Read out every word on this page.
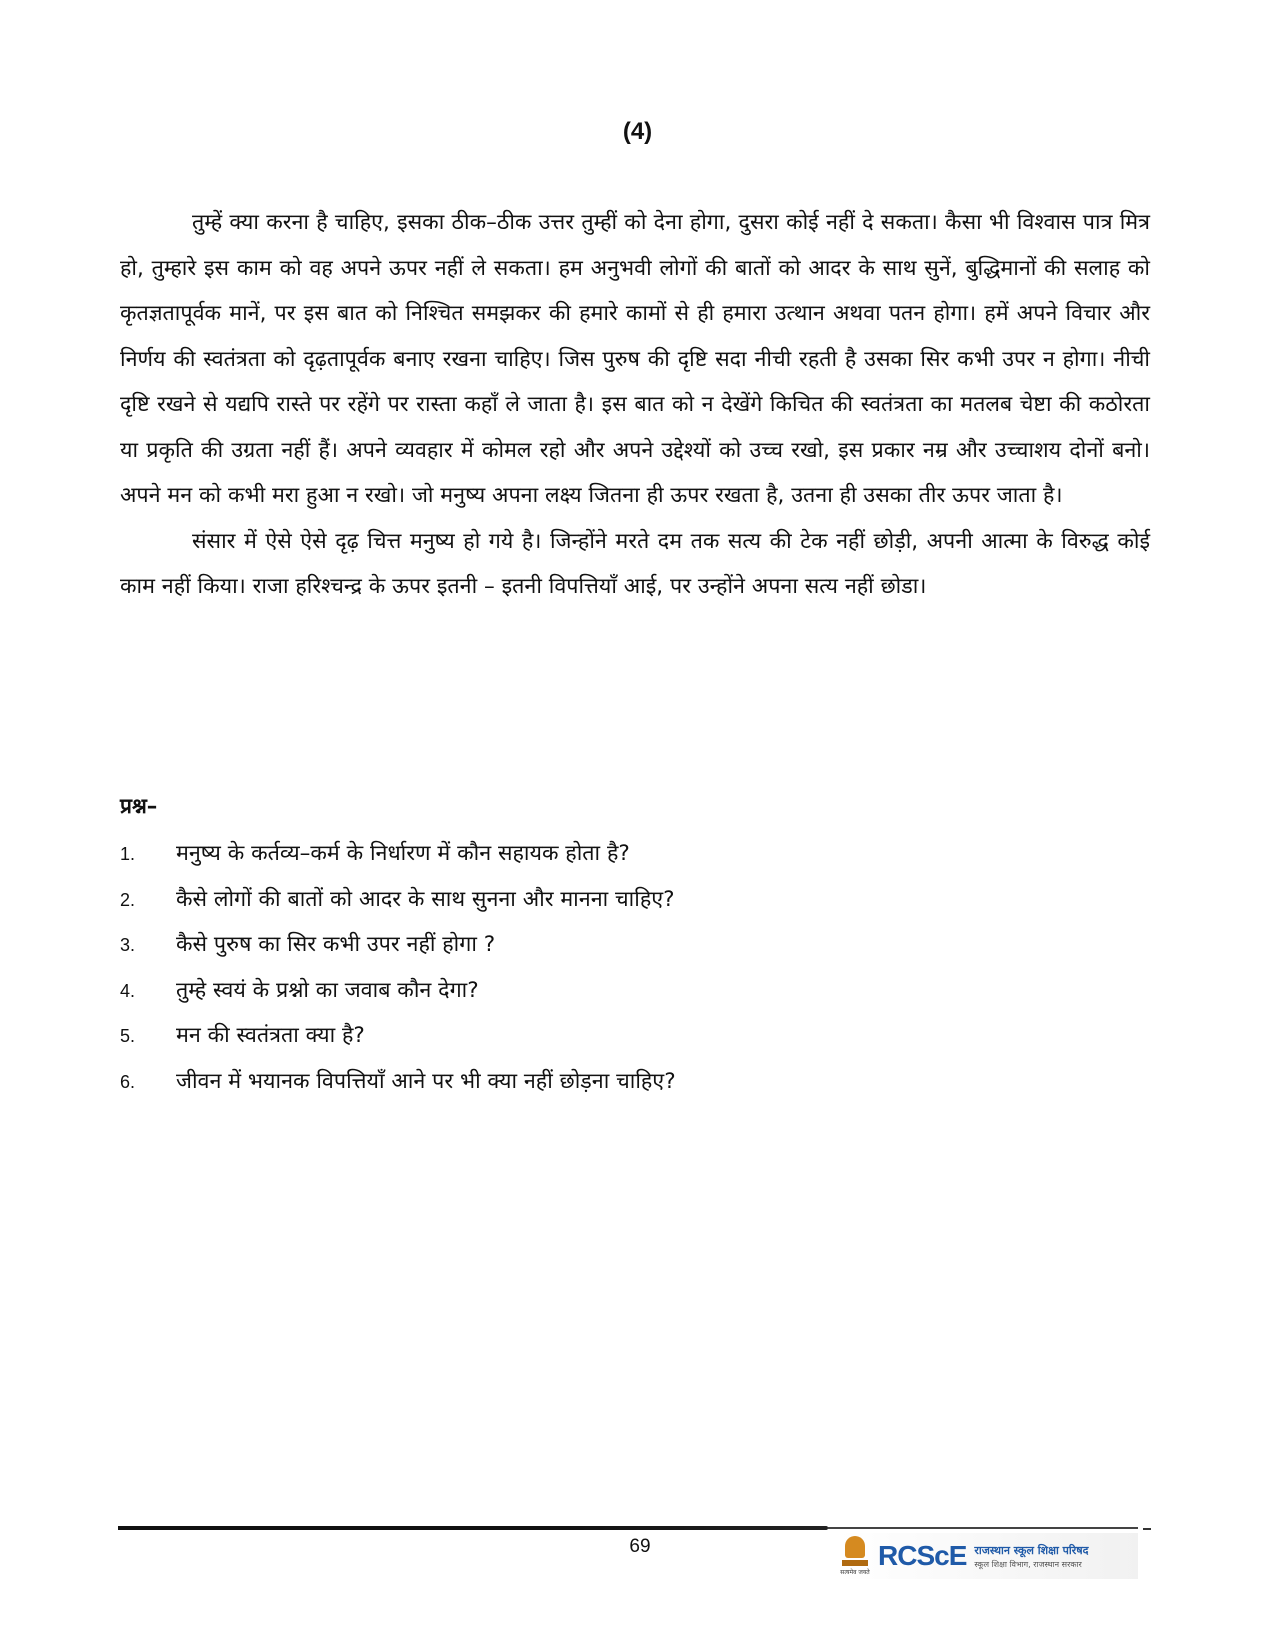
(4)

तुम्हें क्या करना है चाहिए, इसका ठीक–ठीक उत्तर तुम्हीं को देना होगा, दुसरा कोई नहीं दे सकता। कैसा भी विश्वास पात्र मित्र हो, तुम्हारे इस काम को वह अपने ऊपर नहीं ले सकता। हम अनुभवी लोगों की बातों को आदर के साथ सुनें, बुद्धिमानों की सलाह को कृतज्ञतापूर्वक मानें, पर इस बात को निश्चित समझकर की हमारे कामों से ही हमारा उत्थान अथवा पतन होगा। हमें अपने विचार और निर्णय की स्वतंत्रता को दृढ़तापूर्वक बनाए रखना चाहिए। जिस पुरुष की दृष्टि सदा नीची रहती है उसका सिर कभी उपर न होगा। नीची दृष्टि रखने से यद्यपि रास्ते पर रहेंगे पर रास्ता कहाँ ले जाता है। इस बात को न देखेंगे किचित की स्वतंत्रता का मतलब चेष्टा की कठोरता या प्रकृति की उग्रता नहीं हैं। अपने व्यवहार में कोमल रहो और अपने उद्देश्यों को उच्च रखो, इस प्रकार नम्र और उच्चाशय दोनों बनो। अपने मन को कभी मरा हुआ न रखो। जो मनुष्य अपना लक्ष्य जितना ही ऊपर रखता है, उतना ही उसका तीर ऊपर जाता है।

संसार में ऐसे ऐसे दृढ़ चित्त मनुष्य हो गये है। जिन्होंने मरते दम तक सत्य की टेक नहीं छोड़ी, अपनी आत्मा के विरुद्ध कोई काम नहीं किया। राजा हरिश्चन्द्र के ऊपर इतनी – इतनी विपत्तियाँ आई, पर उन्होंने अपना सत्य नहीं छोडा।

प्रश्न–
1.	मनुष्य के कर्तव्य–कर्म के निर्धारण में कौन सहायक होता है?
2.	कैसे लोगों की बातों को आदर के साथ सुनना और मानना चाहिए?
3.	कैसे पुरुष का सिर कभी उपर नहीं होगा ?
4.	तुम्हे स्वयं के प्रश्नो का जवाब कौन देगा?
5.	मन की स्वतंत्रता क्या है?
6.	जीवन में भयानक विपत्तियाँ आने पर भी क्या नहीं छोड़ना चाहिए?
69
सत्यमेव जयते
RCScE राजस्थान स्कूल शिक्षा परिषद
स्कूल शिक्षा विभाग, राजस्थान सरकार
